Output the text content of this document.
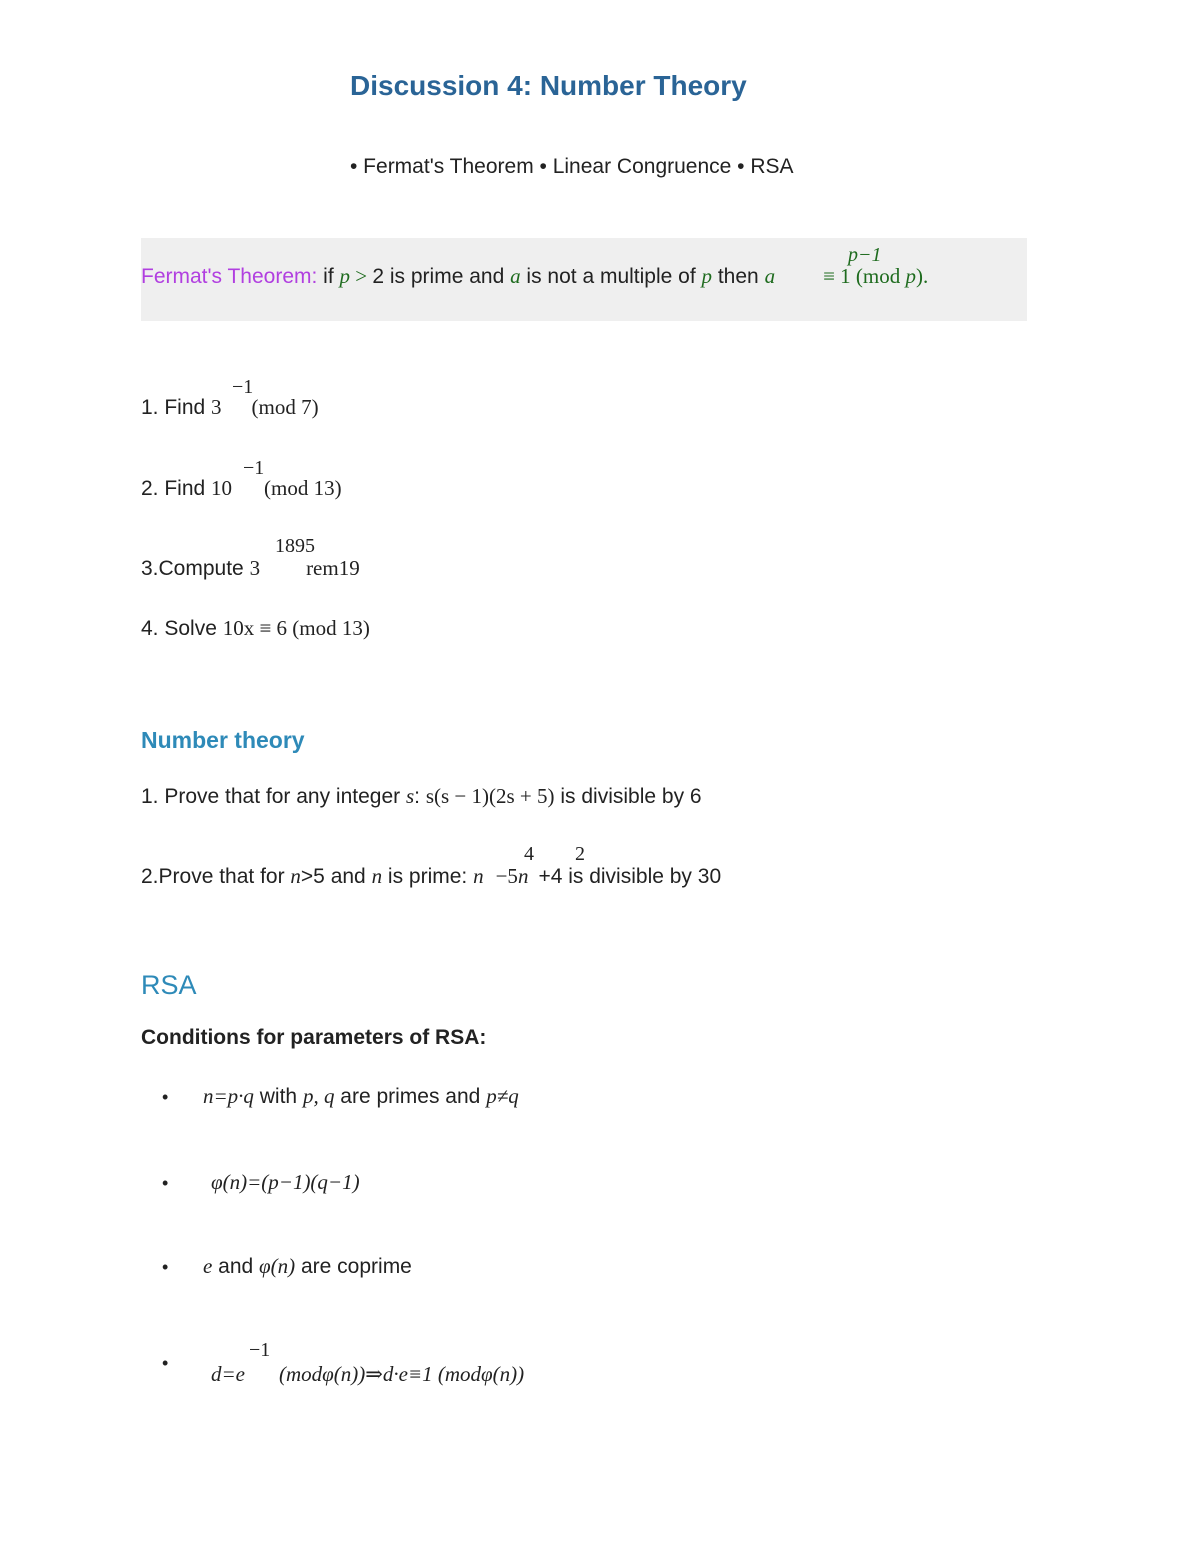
Discussion 4: Number Theory
• Fermat's Theorem • Linear Congruence • RSA
Fermat's Theorem: if p > 2 is prime and a is not a multiple of p then a ≡ 1 (mod p).
p−1
1. Find 3 (mod 7)
−1
2. Find 10 (mod 13)
−1
3.Compute 3 rem19
1895
4. Solve 10x ≡ 6 (mod 13)
Number theory
1. Prove that for any integer s: s(s − 1)(2s + 5) is divisible by 6
2.Prove that for n>5 and n is prime: n −5n +4 is divisible by 30
4 2
RSA
Conditions for parameters of RSA:
• n=p·q with p, q are primes and p≠q
• φ(n)=(p−1)(q−1)
• e and φ(n) are coprime
• d=e (modφ(n))⇒d·e≡1 (modφ(n))
−1
